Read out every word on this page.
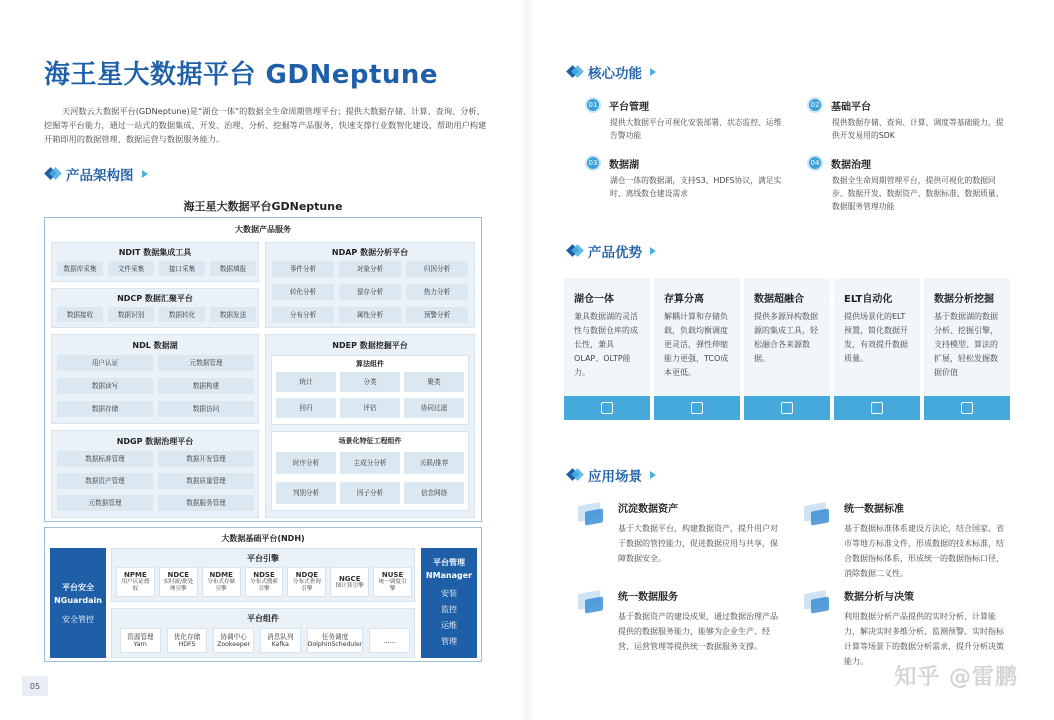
海王星大数据平台 GDNeptune

天河数云大数据平台(GDNeptune)是“湖仓一体”的数据全生命周期管理平台；提供大数据存储、计算、查询、分析、挖掘等平台能力，通过一站式的数据集成、开发、治理、分析、挖掘等产品服务，快速支撑行业数智化建设，帮助用户构建开箱即用的数据管理、数据运营与数据服务能力。

产品架构图
海王星大数据平台GDNeptune
大数据产品服务
NDIT 数据集成工具
数据库采集	文件采集	接口采集	数据填报
NDCP 数据汇聚平台
数据接收	数据识别	数据转化	数据发送
NDL 数据湖
用户认证	元数据管理
数据读写	数据构建
数据存储	数据访问
NDGP 数据治理平台
数据标准管理	数据开发管理
数据资产管理	数据质量管理
元数据管理	数据服务管理
NDAP 数据分析平台
事件分析	对象分析	归因分析
转化分析	留存分析	热力分析
分布分析	属性分析	预警分析
NDEP 数据挖掘平台
算法组件
统计	分类	聚类
回归	评估	协同过滤
场景化特征工程组件
时序分析	主成分分析	关联/推荐
判别分析	因子分析	信念网络
大数据基础平台(NDH)
平台安全
NGuardain
安全管控
平台管理
NManager
安装
监控
运维
管理
平台引擎
NPME
用户认证授权
NDCE
实时流/批处理引擎
NDME
分布式存储引擎
NDSE
分布式搜索引擎
NDQE
分布式查询引擎
NGCE
图计算引擎
NUSE
统一调度引擎
平台组件
资源管理
Yarn
优化存储
HDFS
协调中心
Zookeeper
消息队列
Kafka
任务调度
DolphinScheduler	......
05
核心功能
01	平台管理

提供大数据平台可视化安装部署、状态监控、运维告警功能

02	基础平台

提供数据存储、查询、计算、调度等基础能力，提供开发易用的SDK

03	数据湖

湖仓一体的数据湖，支持S3、HDFS协议，满足实时、离线数仓建设需求

04	数据治理

数据全生命周期管理平台，提供可视化的数据同步、数据开发、数据资产、数据标准、数据质量、数据服务管理功能

产品优势
湖仓一体

兼具数据湖的灵活性与数据仓库的成长性，兼具OLAP、OLTP能力。

存算分离

解耦计算和存储负载，负载均衡调度更灵活，弹性伸缩能力更强，TCO成本更低。

数据超融合

提供多源异构数据源的集成工具，轻松融合各来源数据。

ELT自动化

提供场景化的ELT预置，简化数据开发，有效提升数据质量。

数据分析挖掘

基于数据湖的数据分析、挖掘引擎，支持模型、算法的扩展，轻松发掘数据价值

应用场景
沉淀数据资产

基于大数据平台，构建数据资产，提升用户对于数据的管控能力，促进数据应用与共享，保障数据安全。

统一数据标准

基于数据标准体系建设方法论，结合国家、省市等地方标准文件，形成数据的技术标准，结合数据指标体系，形成统一的数据指标口径，消除数据二义性。

统一数据服务

基于数据资产的建设成果，通过数据治理产品提供的数据服务能力，能够为企业生产、经营、运营管理等提供统一数据服务支撑。

数据分析与决策

利用数据分析产品提供的实时分析、计算能力，解决实时多维分析、监测预警、实时指标计算等场景下的数据分析需求，提升分析决策能力。

知乎 @雷鹏
